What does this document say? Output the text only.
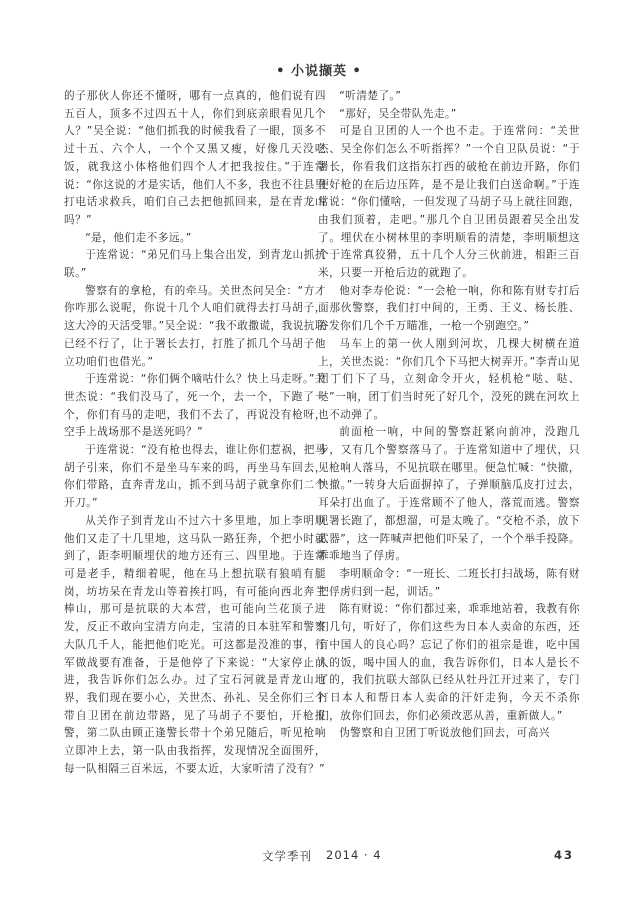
• 小说撷英 •

的子那伙人你还不懂呀，哪有一点真的，他们说有四五百人，顶多不过四五十人，你们到底亲眼看见几个人？”吴全说：“他们抓我的时候我看了一眼，顶多不过十五、六个人，一个个又黑又瘦，好像几天没吃饭，就我这小体格他们四个人才把我按住。”于连常说：“你这说的才是实话，他们人不多，我也不往县里打电话求救兵，咱们自己去把他抓回来，是在青龙山吗？”

“是，他们走不多远。”

于连常说：“弟兄们马上集合出发，到青龙山抓抗联。”

警察有的拿枪，有的牵马。关世杰问吴全：“方才你咋那么说呢，你说十几个人咱们就得去打马胡子，这大冷的天活受罪。”吴全说：“我不敢撒谎，我说抗联已经不行了，让于署长去打，打胜了抓几个马胡子他立功咱们也借光。”

于连常说：“你们俩个嘀咕什么？快上马走呀。”关世杰说：“我们没马了，死一个，去一个，下跑了一个，你们有马的走吧，我们不去了，再说没有枪呀，空手上战场那不是送死吗？”

于连常说：“没有枪也得去，谁让你们惹祸，把马胡子引来，你们不是坐马车来的吗，再坐马车回去，你们带路，直奔青龙山，抓不到马胡子就拿你们二个开刀。”

从关作子到青龙山不过六十多里地，加上李明顺他们又走了十几里地，这马队一路狂奔，个把小时就到了，距李明顺埋伏的地方还有三、四里地。于连常可是老手，精细着呢，他在马上想抗联有狼哨有腿岗，坊坊呆在青龙山等着挨打吗，有可能向西北奔兰棒山，那可是抗联的大本营，也可能向兰花顶子进发，反正不敢向宝清方向走，宝清的日本驻军和警察大队几千人，能把他们吃光。可这都是没准的事，行军做战要有准备，于是他停了下来说：“大家停止前进，我告诉你们怎么办。过了宝石河就是青龙山地界，我们现在要小心，关世杰、孙礼、吴全你们三个带自卫团在前边带路，见了马胡子不要怕，开枪报警，第二队由顾正逢警长带十个弟兄随后，听见枪响立即冲上去，第一队由我指挥，发现情况全面围歼，每一队相隔三百米远，不要太近，大家听清了没有？”

“听清楚了。”

“那好，吴全带队先走。”

可是自卫团的人一个也不走。于连常问：“关世杰、吴全你们怎么不听指挥？”一个自卫队员说：“于署长，你看我们这指东打西的破枪在前边开路，你们便好枪的在后边压阵，是不是让我们白送命啊。”于连常说：“你们懂啥，一但发现了马胡子马上就往回跑，由我们顶着，走吧。”那几个自卫团员跟着吴全出发了。埋伏在小树林里的李明顺看的清楚，李明顺想这个于连常真狡猾，五十几个人分三伙前进，相距三百米，只要一开枪后边的就跑了。

他对李寿伦说：“一会枪一响，你和陈有财专打后面那伙警察，我们打中间的，王勇、王义、杨长胜、谷发你们几个千万瞄准，一枪一个别跑空。”

马车上的第一伙人刚到河坎，几棵大树横在道上，关世杰说：“你们几个下马把大树弄开。”李青山见团丁们下了马，立刻命令开火，轻机枪“哒、哒、哒”一响，团丁们当时死了好几个，没死的跳在河坎上也不动弹了。

前面枪一响，中间的警察赶紧向前冲，没跑几步，又有几个警察落马了。于连常知道中了埋伏，只见枪响人落马，不见抗联在哪里。便急忙喊：“快撤，快撤。”一转身大后面摒掉了，子弹顺脑瓜皮打过去，耳朵打出血了。于连常顾不了他人，落荒而逃。警察见署长跑了，都想溜，可是太晚了。“交枪不杀，放下武器”，这一阵喊声把他们吓呆了，一个个举手投降。乖乖地当了俘虏。

李明顺命令：“一班长、二班长打扫战场，陈有财把俘虏归到一起，训话。”

陈有财说：“你们都过来，乖乖地站着，我教有你们几句，听好了，你们这些为日本人卖命的东西，还有中国人的良心吗？忘记了你们的祖宗是谁，吃中国人的饭，喝中国人的血，我告诉你们，日本人是长不了的，我们抗联大部队已经从牡丹江开过来了，专门打日本人和帮日本人卖命的汗奸走狗，今天不杀你们，放你们回去，你们必须改恶从善，重新做人。”

伪警察和自卫团丁听说放他们回去，可高兴

文学季刊 2014 · 4	43
